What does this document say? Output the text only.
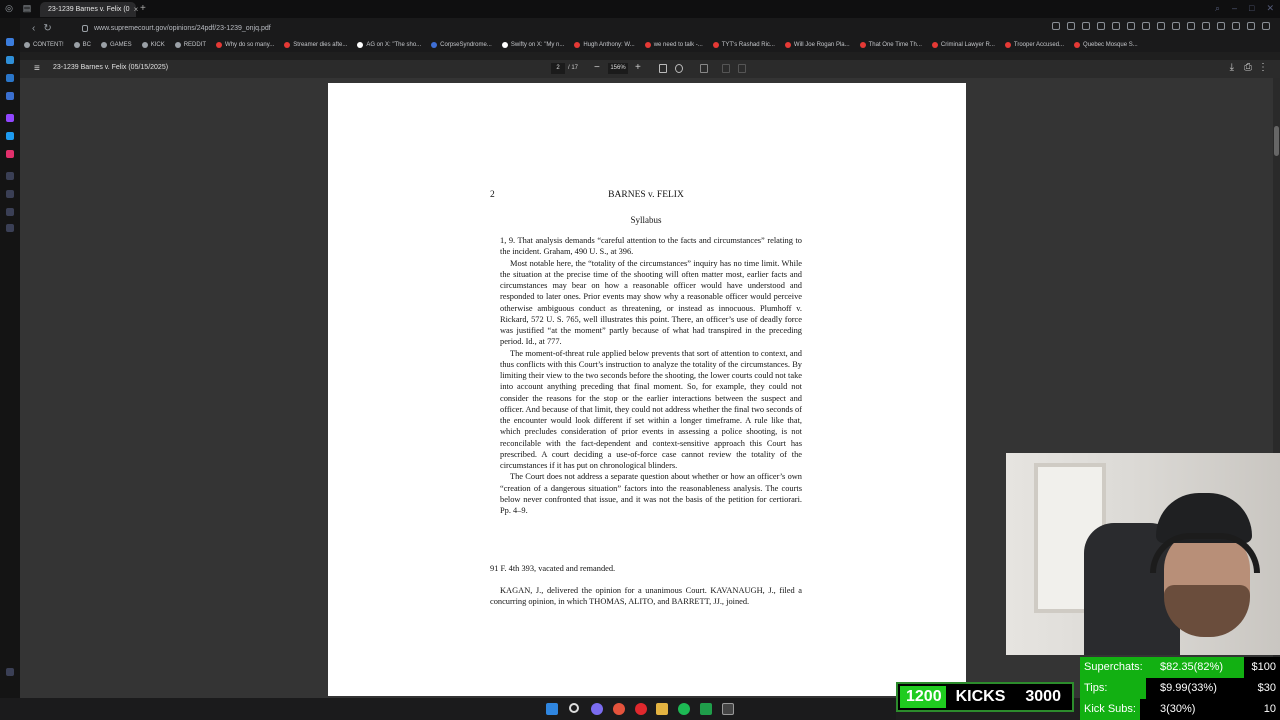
◎ ▤ 23-1239 Barnes v. Felix (0 × +	⌕ – □ ✕
‹ ↻	www.supremecourt.gov/opinions/24pdf/23-1239_onjq.pdf
CONTENT!	BC	GAMES	KICK	REDDIT	Why do so many...	Streamer dies afte...	AG on X: "The sho...	CorpseSyndrome...	Swifty on X: "My n...	Hugh Anthony: W...	we need to talk -...	TYT's Rashad Ric...	Will Joe Rogan Pla...	That One Time Th...	Criminal Lawyer R...	Trooper Accused...	Quebec Mosque S...
≡ 23-1239 Barnes v. Felix (05/15/2025)	2	/ 17 −	156% +	⤓ ⎙ ⋮
2	BARNES v. FELIX
Syllabus

1, 9. That analysis demands “careful attention to the facts and circumstances” relating to the incident. Graham, 490 U. S., at 396.

Most notable here, the “totality of the circumstances” inquiry has no time limit. While the situation at the precise time of the shooting will often matter most, earlier facts and circumstances may bear on how a reasonable officer would have understood and responded to later ones. Prior events may show why a reasonable officer would perceive otherwise ambiguous conduct as threatening, or instead as innocuous. Plumhoff v. Rickard, 572 U. S. 765, well illustrates this point. There, an officer’s use of deadly force was justified “at the moment” partly because of what had transpired in the preceding period. Id., at 777.

The moment-of-threat rule applied below prevents that sort of attention to context, and thus conflicts with this Court’s instruction to analyze the totality of the circumstances. By limiting their view to the two seconds before the shooting, the lower courts could not take into account anything preceding that final moment. So, for example, they could not consider the reasons for the stop or the earlier interactions between the suspect and officer. And because of that limit, they could not address whether the final two seconds of the encounter would look different if set within a longer timeframe. A rule like that, which precludes consideration of prior events in assessing a police shooting, is not reconcilable with the fact-dependent and context-sensitive approach this Court has prescribed. A court deciding a use-of-force case cannot review the totality of the circumstances if it has put on chronological blinders.

The Court does not address a separate question about whether or how an officer’s own “creation of a dangerous situation” factors into the reasonableness analysis. The courts below never confronted that issue, and it was not the basis of the petition for certiorari. Pp. 4–9.

91 F. 4th 393, vacated and remanded.
KAGAN, J., delivered the opinion for a unanimous Court. KAVANAUGH, J., filed a concurring opinion, in which THOMAS, ALITO, and BARRETT, JJ., joined.
1200 KICKS 3000
Superchats: $82.35(82%)	$100
Tips:	$9.99(33%)	$30
Kick Subs: 3(30%)	10
